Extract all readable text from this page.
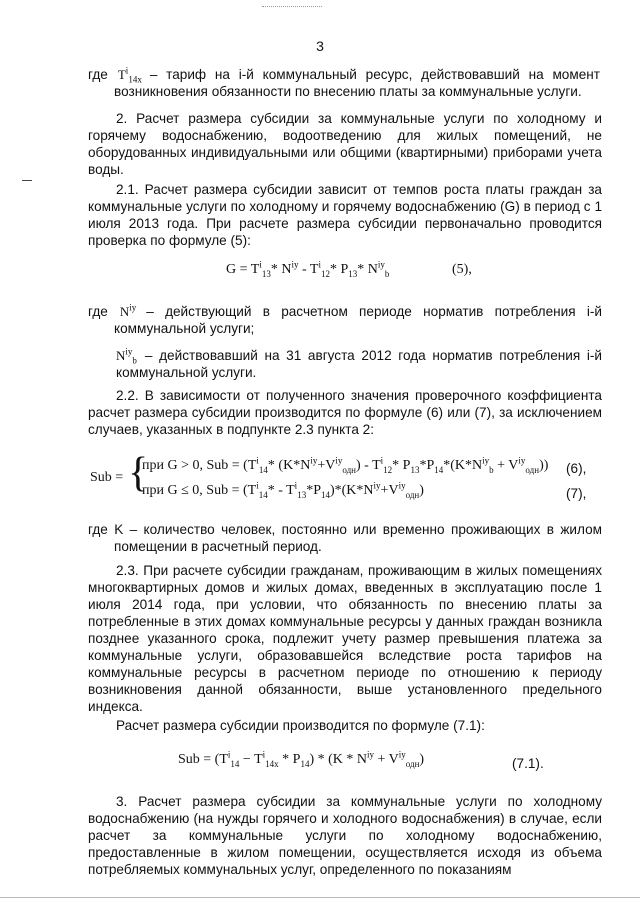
3
где $T^i_{14x}$ – тариф на i-й коммунальный ресурс, действовавший на момент
возникновения обязанности по внесению платы за коммунальные услуги.
2. Расчет размера субсидии за коммунальные услуги по холодному и горячему водоснабжению, водоотведению для жилых помещений, не оборудованных индивидуальными или общими (квартирными) приборами учета воды.
2.1. Расчет размера субсидии зависит от темпов роста платы граждан за коммунальные услуги по холодному и горячему водоснабжению (G) в период с 1 июля 2013 года. При расчете размера субсидии первоначально проводится проверка по формуле (5):
$G = T^i_{13}*$ $N^{iy} - T^i_{12}*$ $P_{13}*$ $N^{iy}_b$	(5),
где $N^{iy}$ – действующий в расчетном периоде норматив потребления i-й
коммунальной услуги;
$N^{iy}_b$ – действовавший на 31 августа 2012 года норматив потребления i-й
коммунальной услуги.
2.2. В зависимости от полученного значения проверочного коэффициента расчет размера субсидии производится по формуле (6) или (7), за исключением случаев, указанных в подпункте 2.3 пункта 2:
Sub = {
при G > 0, Sub = ($T^i_{14}*$ $(K*N^{iy}+V^{iy}_{одн}) - T^i_{12}*$ $P_{13}*P_{14}*(K*N^{iy}_b + V^{iy}_{одн})$) (6),
при G ≤ 0, Sub = $(T^i_{14}* - T^i_{13}*P_{14})*(K*N^{iy}+V^{iy}_{одн})$	(7),
где K – количество человек, постоянно или временно проживающих в жилом
помещении в расчетный период.
2.3. При расчете субсидии гражданам, проживающим в жилых помещениях многоквартирных домов и жилых домах, введенных в эксплуатацию после 1 июля 2014 года, при условии, что обязанность по внесению платы за потребленные в этих домах коммунальные ресурсы у данных граждан возникла позднее указанного срока, подлежит учету размер превышения платежа за коммунальные услуги, образовавшейся вследствие роста тарифов на коммунальные ресурсы в расчетном периоде по отношению к периоду возникновения данной обязанности, выше установленного предельного индекса.
Расчет размера субсидии производится по формуле (7.1):
Sub = $(T^i_{14} - T^i_{14x} * P_{14}) * (K * N^{iy} + V^{iy}_{одн})$	(7.1).
3. Расчет размера субсидии за коммунальные услуги по холодному водоснабжению (на нужды горячего и холодного водоснабжения) в случае, если расчет за коммунальные услуги по холодному водоснабжению, предоставленные в жилом помещении, осуществляется исходя из объема потребляемых коммунальных услуг, определенного по показаниям
